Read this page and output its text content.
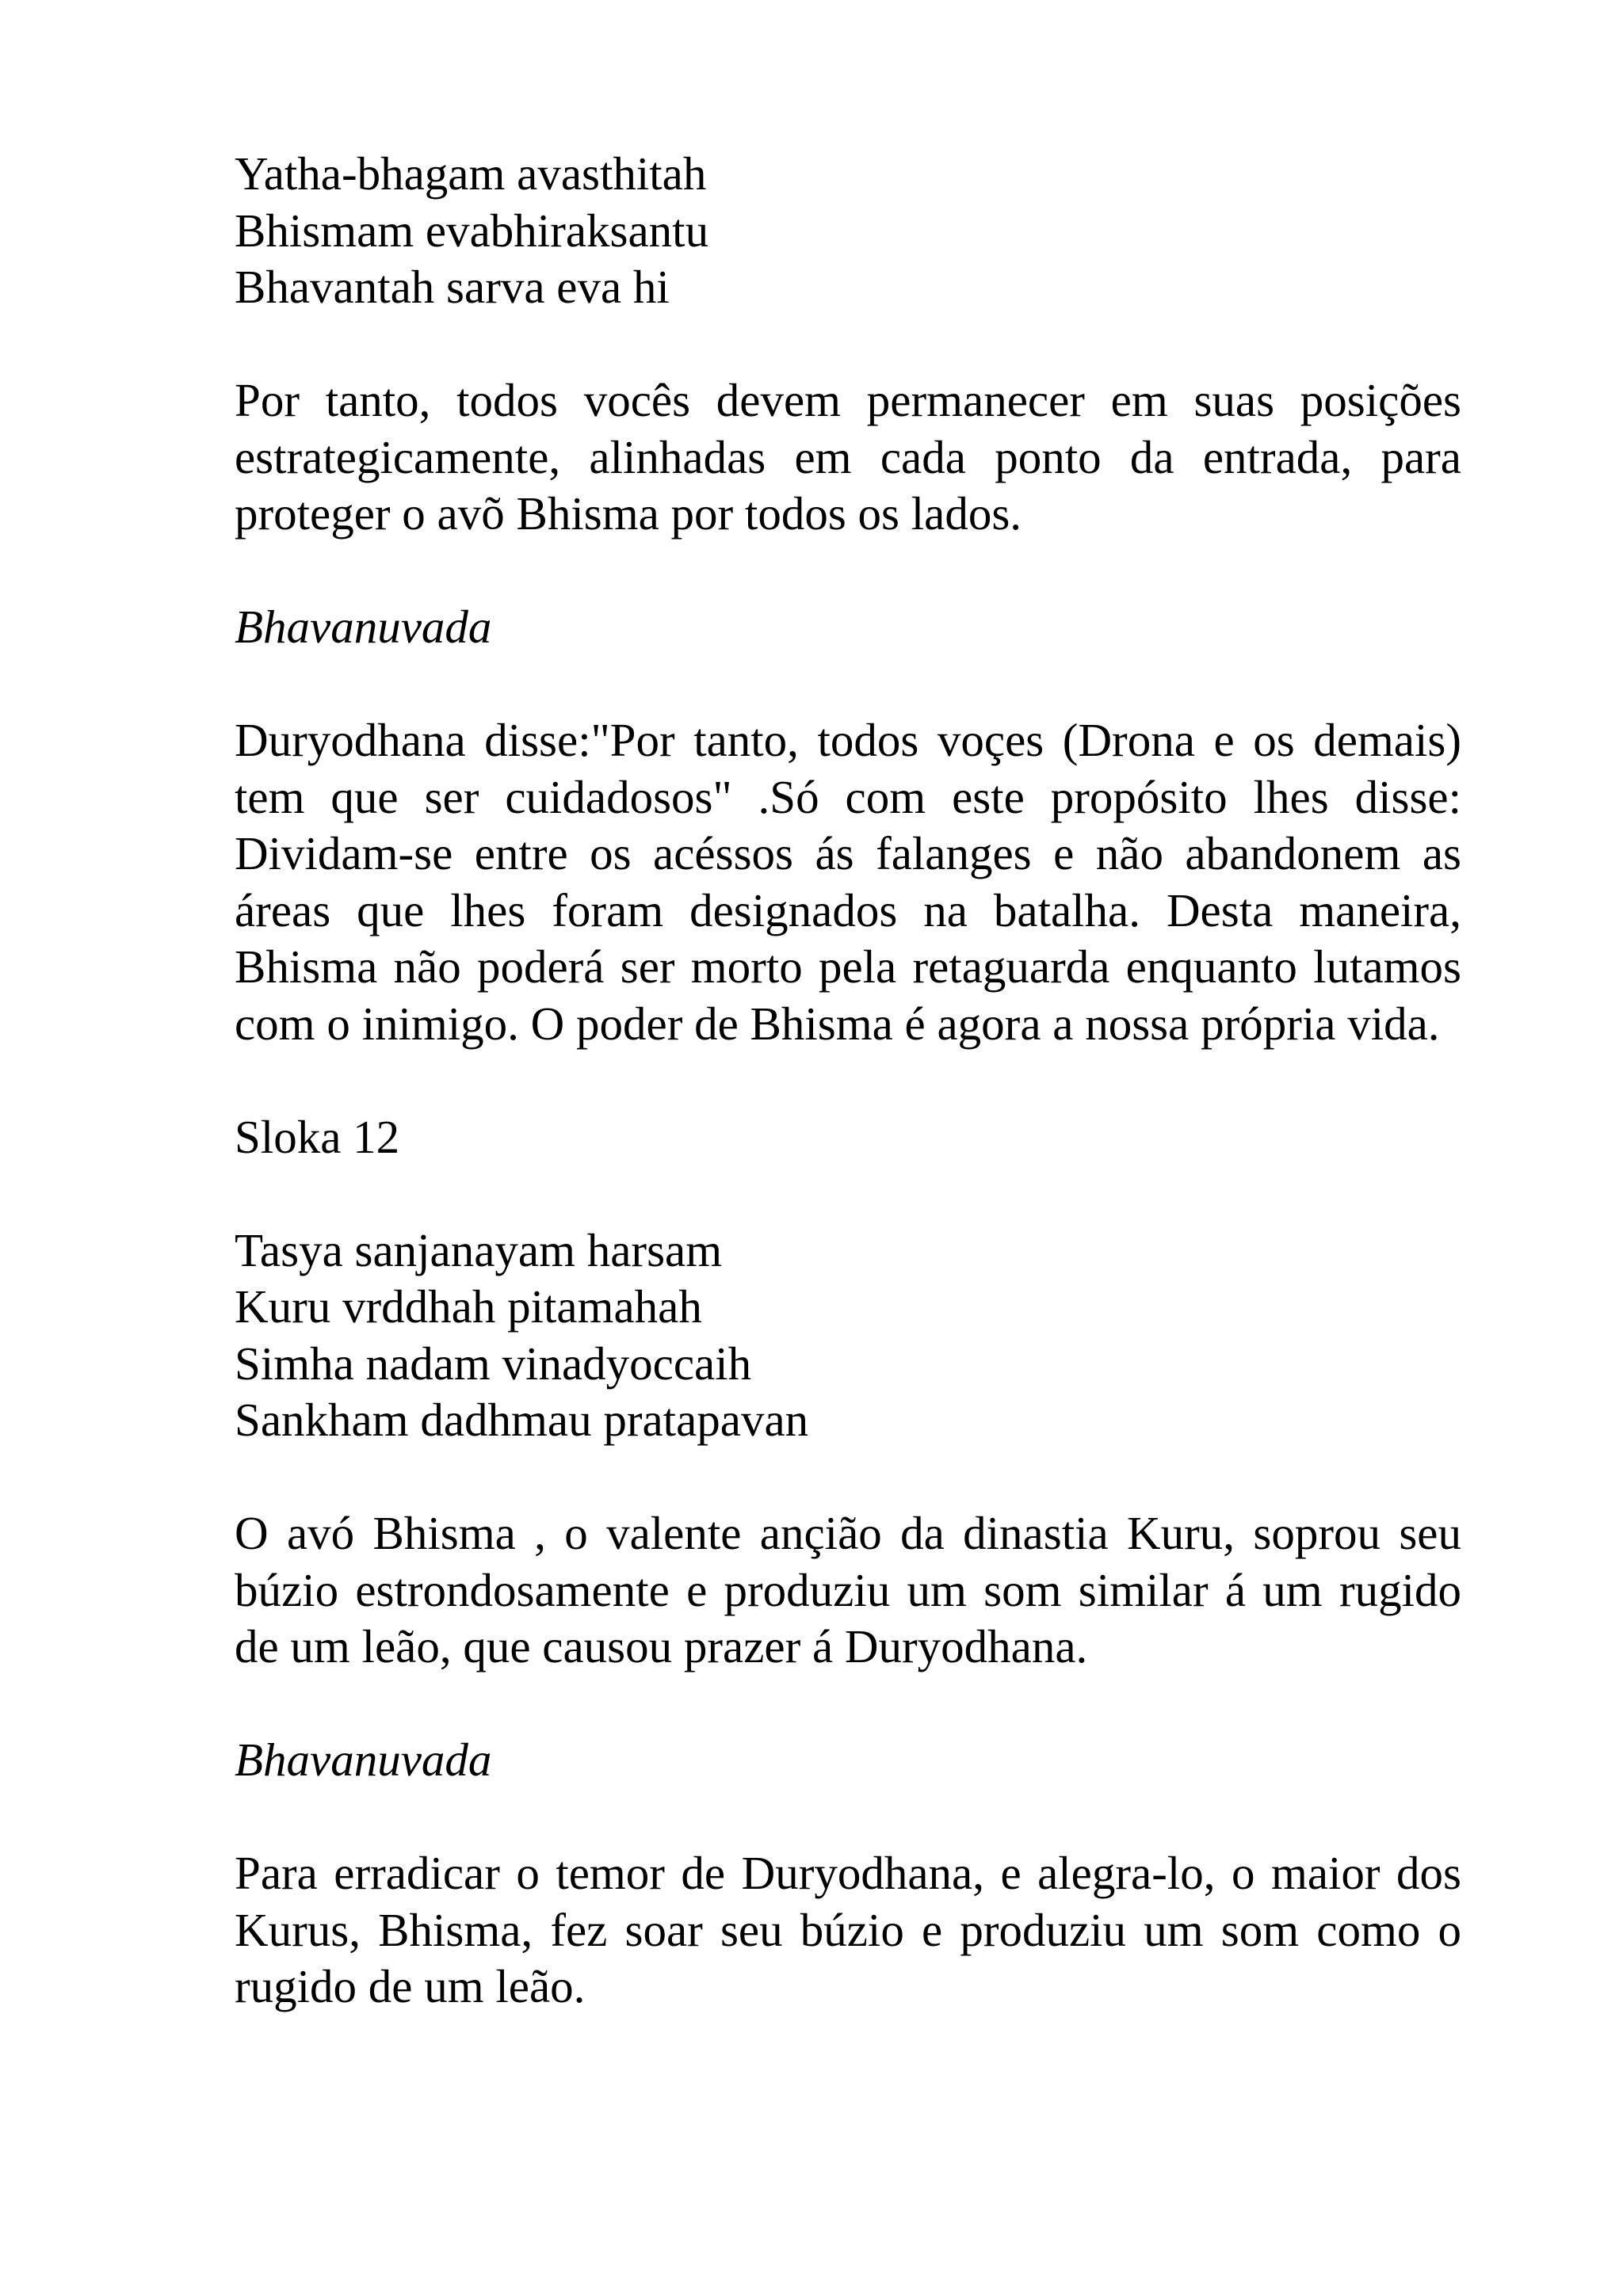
Yatha-bhagam avasthitah
Bhismam evabhiraksantu
Bhavantah sarva eva hi

Por tanto, todos vocês devem permanecer em suas posições estrategicamente, alinhadas em cada ponto da entrada, para proteger o avõ Bhisma por todos os lados.

Bhavanuvada

Duryodhana disse:"Por tanto, todos voçes (Drona e os demais) tem que ser cuidadosos" .Só com este propósito lhes disse: Dividam-se entre os acéssos ás falanges e não abandonem as áreas que lhes foram designados na batalha. Desta maneira, Bhisma não poderá ser morto pela retaguarda enquanto lutamos com o inimigo. O poder de Bhisma é agora a nossa própria vida.

Sloka 12

Tasya sanjanayam harsam
Kuru vrddhah pitamahah
Simha nadam vinadyoccaih
Sankham dadhmau pratapavan

O avó Bhisma , o valente ançião da dinastia Kuru, soprou seu búzio estrondosamente e produziu um som similar á um rugido de um leão, que causou prazer á Duryodhana.

Bhavanuvada

Para erradicar o temor de Duryodhana, e alegra-lo, o maior dos Kurus, Bhisma, fez soar seu búzio e produziu um som como o rugido de um leão.
